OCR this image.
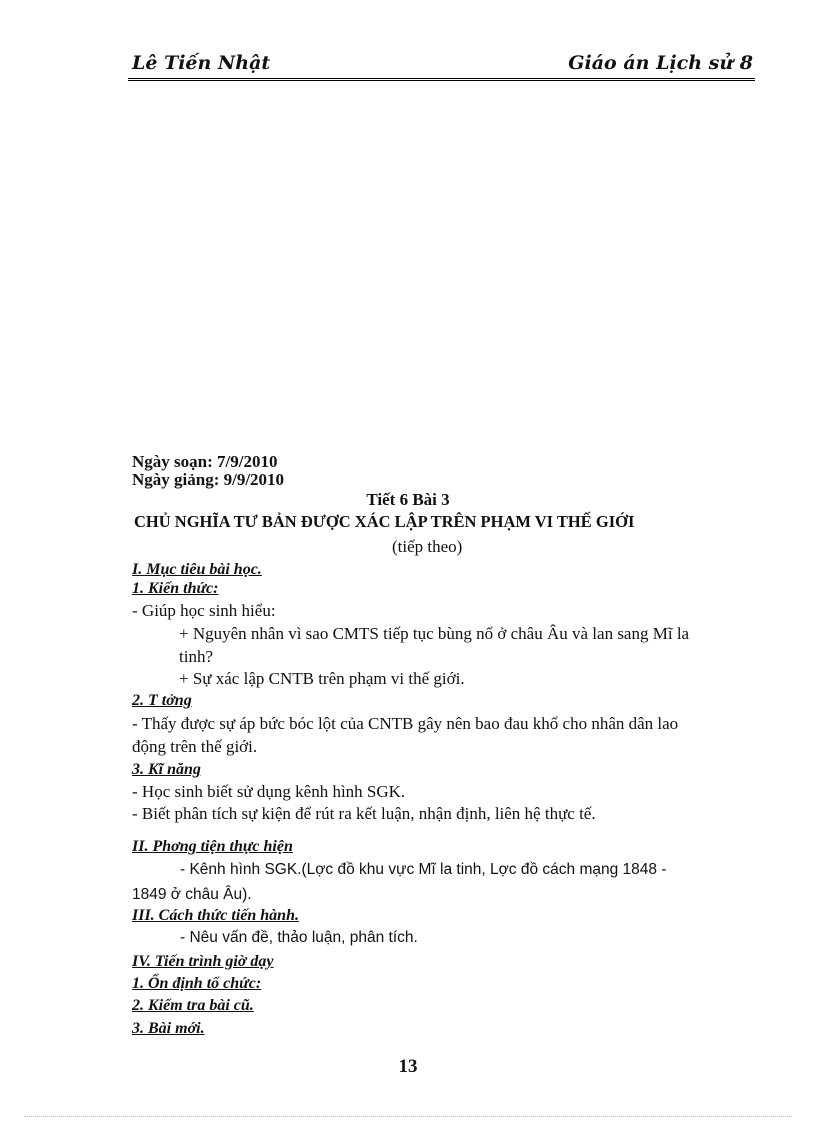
Lê Tiến Nhật	Giáo án Lịch sử 8
Ngày soạn: 7/9/2010
Ngày giảng: 9/9/2010
Tiết 6 Bài 3
CHỦ NGHĨA TƯ BẢN ĐƯỢC XÁC LẬP TRÊN PHẠM VI THẾ GIỚI
(tiếp theo)
I. Mục tiêu bài học.
1. Kiến thức:
- Giúp học sinh hiểu:
+ Nguyên nhân vì sao CMTS tiếp tục bùng nổ ở châu Âu và lan sang Mĩ la
tinh?
+ Sự xác lập CNTB trên phạm vi thế giới.
2. T tởng
- Thấy được sự áp bức bóc lột của CNTB gây nên bao đau khổ cho nhân dân lao
động trên thế giới.
3. Kĩ năng
- Học sinh biết sử dụng kênh hình SGK.
- Biết phân tích sự kiện để rút ra kết luận, nhận định, liên hệ thực tế.
II. Phơng tiện thực hiện
- Kênh hình SGK.(Lợc đồ khu vực Mĩ la tinh, Lợc đồ cách mạng 1848 -
1849 ở châu Âu).
III. Cách thức tiến hành.
- Nêu vấn đề, thảo luận, phân tích.
IV. Tiến trình giờ dạy
1. Ổn định tổ chức:
2. Kiểm tra bài cũ.
3. Bài mới.
13
